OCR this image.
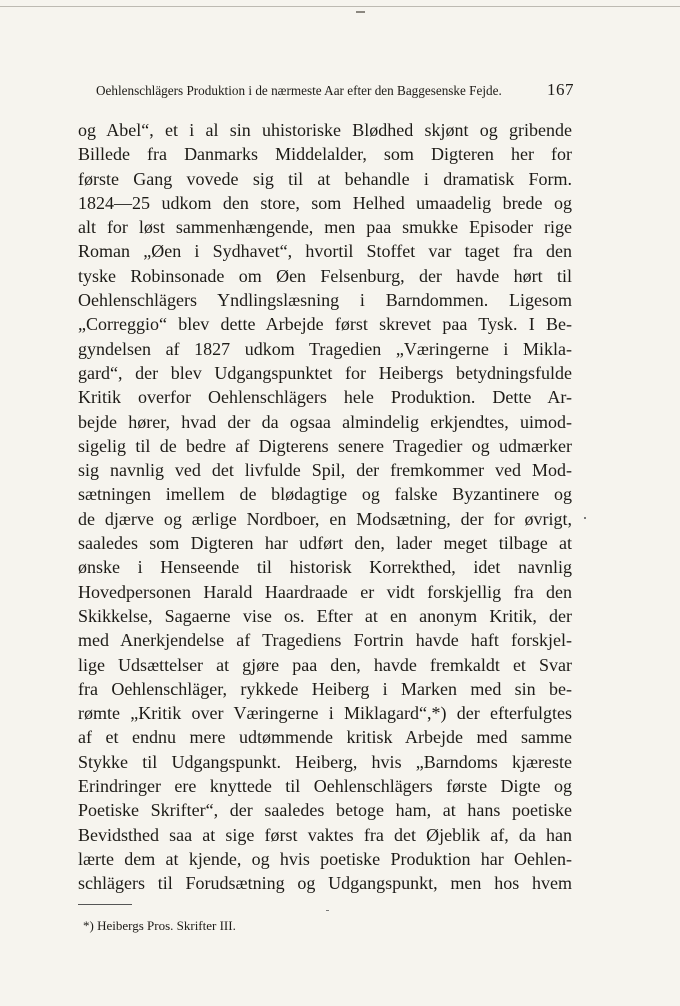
Oehlenschlägers Produktion i de nærmeste Aar efter den Baggesenske Fejde.	167
og Abel“, et i al sin uhistoriske Blødhed skjønt og gribende
Billede fra Danmarks Middelalder, som Digteren her for
første Gang vovede sig til at behandle i dramatisk Form.
1824—25 udkom den store, som Helhed umaadelig brede og
alt for løst sammenhængende, men paa smukke Episoder rige
Roman „Øen i Sydhavet“, hvortil Stoffet var taget fra den
tyske Robinsonade om Øen Felsenburg, der havde hørt til
Oehlenschlägers Yndlingslæsning i Barndommen. Ligesom
„Correggio“ blev dette Arbejde først skrevet paa Tysk. I Be-
gyndelsen af 1827 udkom Tragedien „Væringerne i Mikla-
gard“, der blev Udgangspunktet for Heibergs betydningsfulde
Kritik overfor Oehlenschlägers hele Produktion. Dette Ar-
bejde hører, hvad der da ogsaa almindelig erkjendtes, uimod-
sigelig til de bedre af Digterens senere Tragedier og udmærker
sig navnlig ved det livfulde Spil, der fremkommer ved Mod-
sætningen imellem de blødagtige og falske Byzantinere og
de djærve og ærlige Nordboer, en Modsætning, der for øvrigt,
saaledes som Digteren har udført den, lader meget tilbage at
ønske i Henseende til historisk Korrekthed, idet navnlig
Hovedpersonen Harald Haardraade er vidt forskjellig fra den
Skikkelse, Sagaerne vise os. Efter at en anonym Kritik, der
med Anerkjendelse af Tragediens Fortrin havde haft forskjel-
lige Udsættelser at gjøre paa den, havde fremkaldt et Svar
fra Oehlenschläger, rykkede Heiberg i Marken med sin be-
rømte „Kritik over Væringerne i Miklagard“,*) der efterfulgtes
af et endnu mere udtømmende kritisk Arbejde med samme
Stykke til Udgangspunkt. Heiberg, hvis „Barndoms kjæreste
Erindringer ere knyttede til Oehlenschlägers første Digte og
Poetiske Skrifter“, der saaledes betoge ham, at hans poetiske
Bevidsthed saa at sige først vaktes fra det Øjeblik af, da han
lærte dem at kjende, og hvis poetiske Produktion har Oehlen-
schlägers til Forudsætning og Udgangspunkt, men hos hvem
*) Heibergs Pros. Skrifter III.
